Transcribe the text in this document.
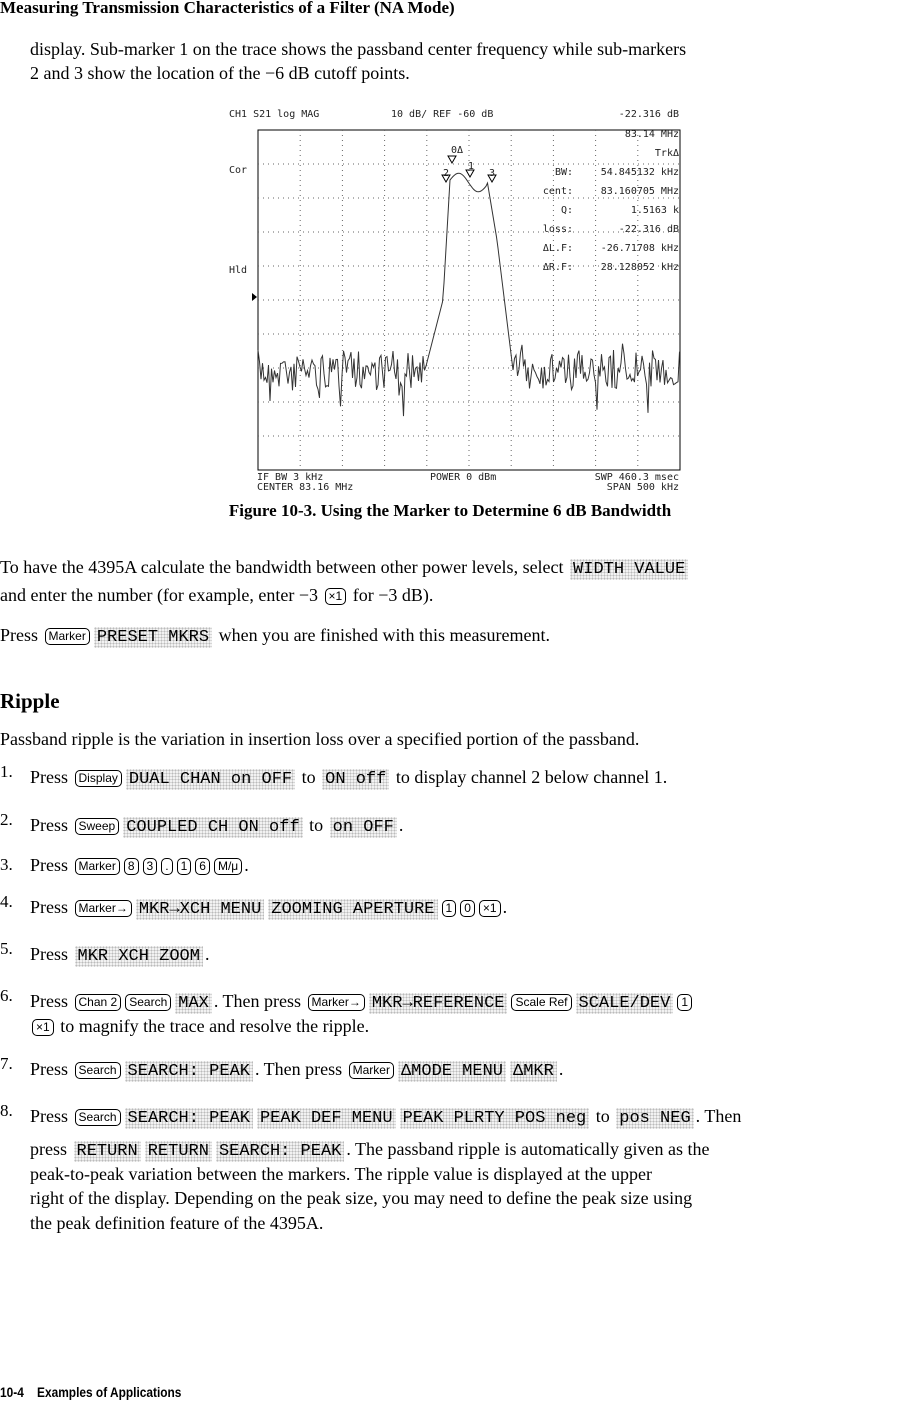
Measuring Transmission Characteristics of a Filter (NA Mode)
display. Sub-marker 1 on the trace shows the passband center frequency while sub-markers
2 and 3 show the location of the −6 dB cutoff points.
CH1 S21 log MAG	10 dB/ REF -60 dB	-22.316 dB
Cor
Hld
83.14 MHz
TrkΔ
BW:	54.845132 kHz
cent:	83.160705 MHz
Q:	1.5163 k
loss:	-22.316 dB
ΔL.F:	-26.71708 kHz
ΔR.F:	28.128052 kHz
0Δ
1
2	3
IF BW 3 kHz	POWER 0 dBm	SWP 460.3 msec
CENTER 83.16 MHz	SPAN 500 kHz
Figure 10-3. Using the Marker to Determine 6 dB Bandwidth
To have the 4395A calculate the bandwidth between other power levels, select WIDTH VALUE
and enter the number (for example, enter −3 ×1 for −3 dB).
Press Marker PRESET MKRS when you are finished with this measurement.
Ripple
Passband ripple is the variation in insertion loss over a specified portion of the passband.
1. Press Display DUAL CHAN on OFF to ON off to display channel 2 below channel 1.
2. Press Sweep COUPLED CH ON off to on OFF .
3. Press Marker 8 3 . 1 6 M/μ .
4. Press Marker→ MKR→XCH MENU ZOOMING APERTURE 1 0 ×1 .
5. Press MKR XCH ZOOM .
6. Press Chan 2 Search MAX . Then press Marker→ MKR→REFERENCE Scale Ref SCALE/DEV 1
×1 to magnify the trace and resolve the ripple.
7. Press Search SEARCH: PEAK . Then press Marker ΔMODE MENU ΔMKR .
8. Press Search SEARCH: PEAK PEAK DEF MENU PEAK PLRTY POS neg to pos NEG . Then
press RETURN RETURN SEARCH: PEAK . The passband ripple is automatically given as the
peak-to-peak variation between the markers. The ripple value is displayed at the upper
right of the display. Depending on the peak size, you may need to define the peak size using
the peak definition feature of the 4395A.
10-4 Examples of Applications
